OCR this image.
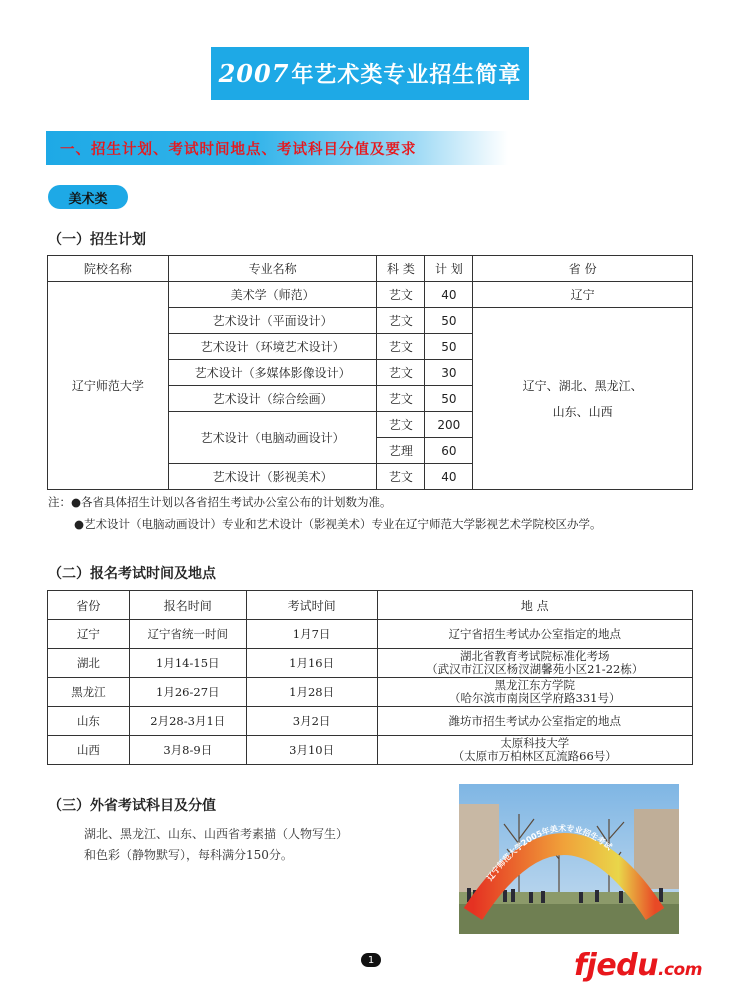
2007 年艺术类专业招生简章
一、招生计划、考试时间地点、考试科目分值及要求
美术类
（一）招生计划
院校名称	专业名称	科 类	计 划	省 份
辽宁师范大学	美术学（师范）	艺文	40	辽宁
	艺术设计（平面设计）	艺文	50	辽宁、湖北、黑龙江、
山东、山西

	艺术设计（环境艺术设计）	艺文	50	
	艺术设计（多媒体影像设计）	艺文	30	
	艺术设计（综合绘画）	艺文	50	
	艺术设计（电脑动画设计）	艺文	200	
		艺理	60	
	艺术设计（影视美术）	艺文	40	
注：●各省具体招生计划以各省招生考试办公室公布的计划数为准。
●艺术设计（电脑动画设计）专业和艺术设计（影视美术）专业在辽宁师范大学影视艺术学院校区办学。
（二）报名考试时间及地点
省份	报名时间	考试时间	地 点
辽宁	辽宁省统一时间	1月7日	辽宁省招生考试办公室指定的地点

湖北	1月14-15日	1月16日	湖北省教育考试院标准化考场
（武汉市江汉区杨汊湖馨苑小区21-22栋）

黑龙江	1月26-27日	1月28日	黑龙江东方学院
（哈尔滨市南岗区学府路331号）

山东	2月28-3月1日	3月2日	潍坊市招生考试办公室指定的地点

山西	3月8-9日	3月10日	太原科技大学
（太原市万柏林区瓦流路66号）
（三）外省考试科目及分值
湖北、黑龙江、山东、山西省考素描（人物写生）
和色彩（静物默写），每科满分150分。
辽宁师范大学2005年美术专业招生考试
1	fjedu.com
